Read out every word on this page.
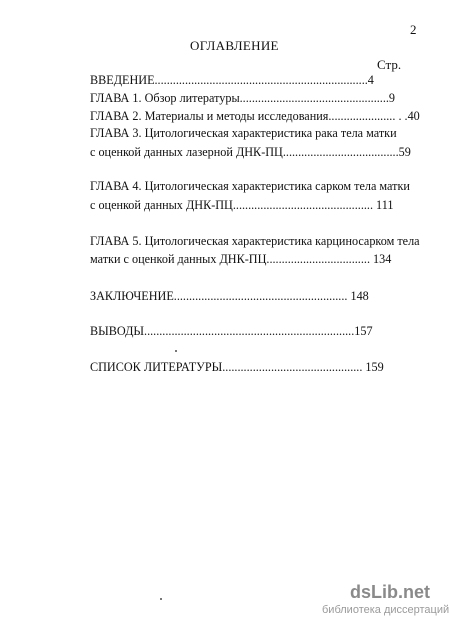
2
ОГЛАВЛЕНИЕ
Стр.
ВВЕДЕНИЕ......................................................................4
ГЛАВА 1. Обзор литературы.................................................9
ГЛАВА 2. Материалы и методы исследования...................... . .40
ГЛАВА 3. Цитологическая характеристика рака тела матки
с оценкой данных лазерной ДНК-ПЦ......................................59
ГЛАВА 4. Цитологическая характеристика сарком тела матки
с оценкой данных ДНК-ПЦ.............................................. 111
ГЛАВА 5. Цитологическая характеристика карциносарком тела
матки с оценкой данных ДНК-ПЦ.................................. 134
ЗАКЛЮЧЕНИЕ......................................................... 148
ВЫВОДЫ.....................................................................157
СПИСОК ЛИТЕРАТУРЫ.............................................. 159
dsLib.net
библиотека диссертаций
